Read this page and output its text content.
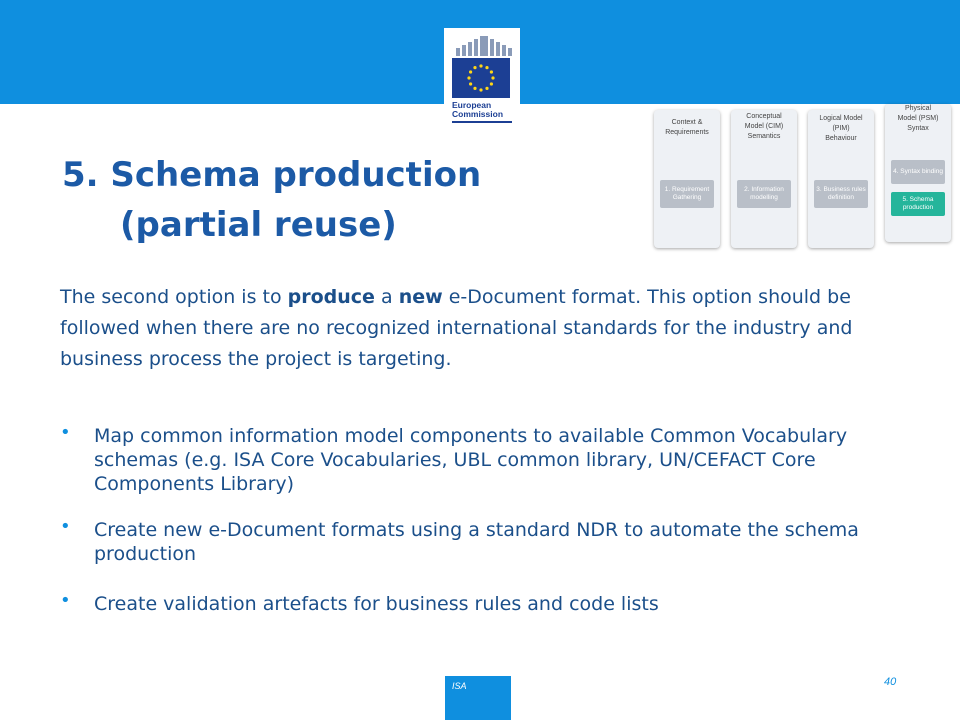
European
Commission
5. Schema production
(partial reuse)
Context &
Requirements
1. Requirement Gathering
Conceptual
Model (CIM)
Semantics
2. Information modelling
Logical Model
(PIM)
Behaviour
3. Business rules definition
Physical
Model (PSM)
Syntax
4. Syntax binding
5. Schema production

The second option is to produce a new e-Document format. This option should be followed when there are no recognized international standards for the industry and business process the project is targeting.

• Map common information model components to available Common Vocabulary schemas (e.g. ISA Core Vocabularies, UBL common library, UN/CEFACT Core Components Library)
• Create new e-Document formats using a standard NDR to automate the schema production
• Create validation artefacts for business rules and code lists
ISA	40
